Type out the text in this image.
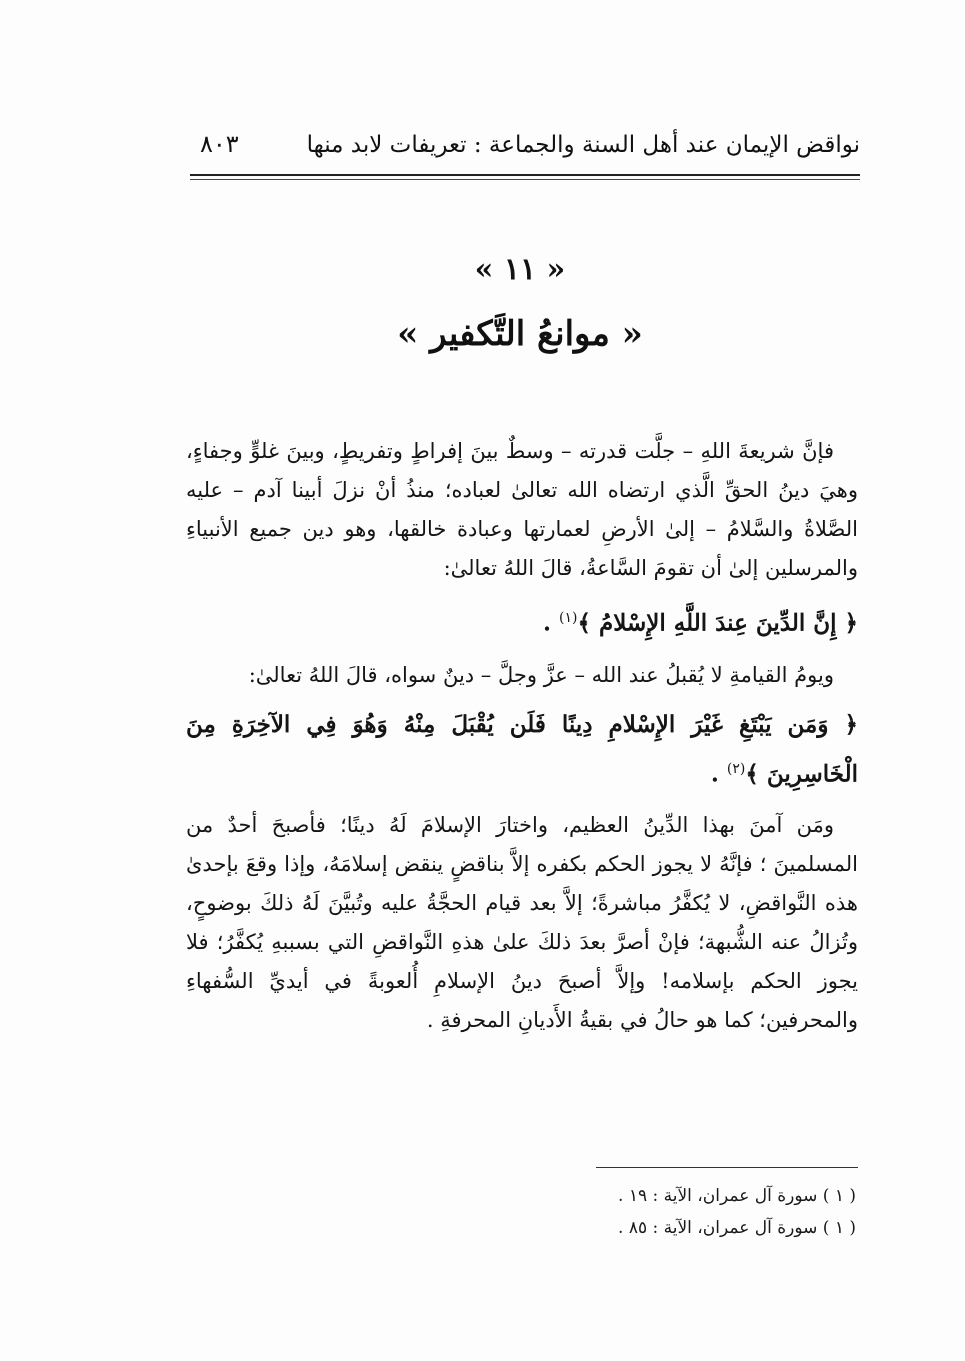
نواقض الإيمان عند أهل السنة والجماعة : تعريفات لابد منها
٨٠٣
« ١١ »
« موانعُ التَّكفير »

فإنَّ شريعةَ اللهِ – جلَّت قدرته – وسطٌ بينَ إفراطٍ وتفريطٍ، وبينَ غلوٍّ وجفاءٍ، وهيَ دينُ الحقِّ الَّذي ارتضاه الله تعالىٰ لعباده؛ منذُ أنْ نزلَ أبينا آدم – عليه الصَّلاةُ والسَّلامُ – إلىٰ الأرضِ لعمارتها وعبادة خالقها، وهو دين جميع الأنبياءِ والمرسلين إلىٰ أن تقومَ السَّاعةُ، قالَ اللهُ تعالىٰ:

﴿ إِنَّ الدِّينَ عِندَ اللَّهِ الإِسْلامُ ﴾$^{(١)}$ .

ويومُ القيامةِ لا يُقبلُ عند الله – عزَّ وجلَّ – دينٌ سواه، قالَ اللهُ تعالىٰ:

﴿ وَمَن يَبْتَغِ غَيْرَ الإِسْلامِ دِينًا فَلَن يُقْبَلَ مِنْهُ وَهُوَ فِي الآخِرَةِ مِنَ الْخَاسِرِينَ ﴾$^{(٢)}$ .

ومَن آمنَ بهذا الدِّينُ العظيم، واختارَ الإسلامَ لَهُ دينًا؛ فأصبحَ أحدٌ من المسلمينَ ؛ فإنَّهُ لا يجوز الحكم بكفره إلاَّ بناقضٍ ينقض إسلامَهُ، وإذا وقعَ بإحدىٰ هذه النَّواقضِ، لا يُكفَّرُ مباشرةً؛ إلاَّ بعد قيام الحجَّةُ عليه وتُبيَّنَ لَهُ ذلكَ بوضوحٍ، وتُزالُ عنه الشُّبهة؛ فإنْ أصرَّ بعدَ ذلكَ علىٰ هذهِ النَّواقضِ التي بسببهِ يُكفَّرُ؛ فلا يجوز الحكم بإسلامه! وإلاَّ أصبحَ دينُ الإسلامِ أُلعوبةً في أيديِّ السُّفهاءِ والمحرفين؛ كما هو حالُ في بقيةُ الأَديانِ المحرفةِ .

( ١ ) سورة آل عمران، الآية : ١٩ .

( ١ ) سورة آل عمران، الآية : ٨٥ .
